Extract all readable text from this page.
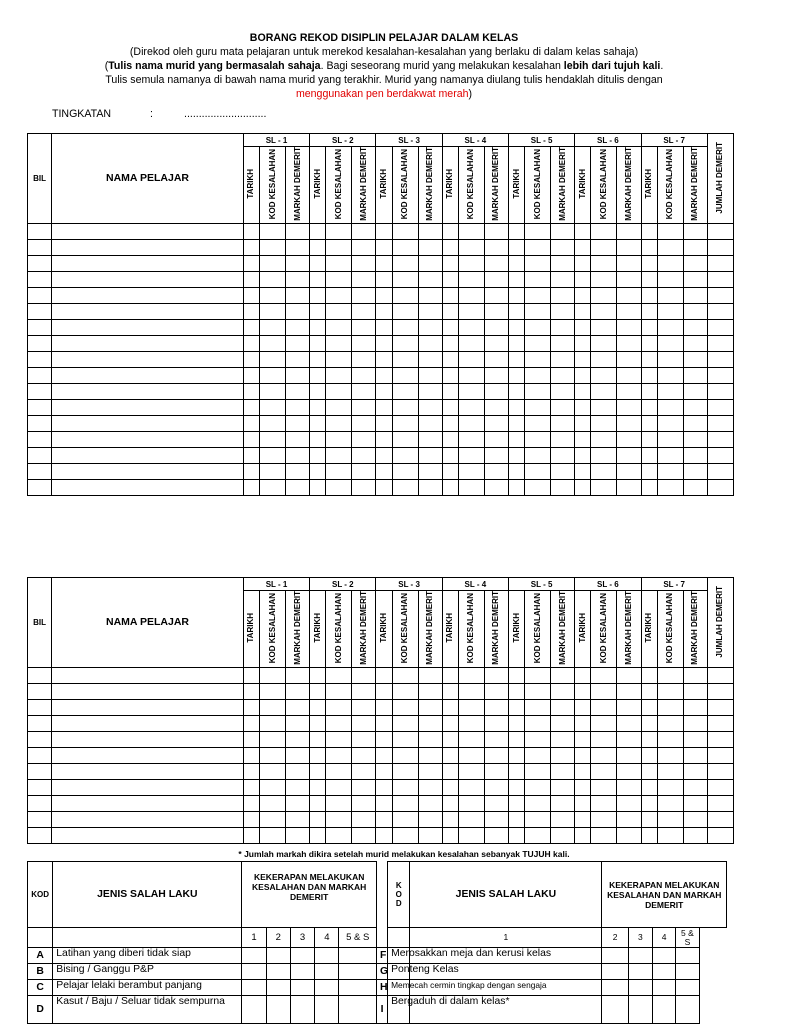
BORANG REKOD DISIPLIN PELAJAR DALAM KELAS
(Direkod oleh guru mata pelajaran untuk merekod kesalahan-kesalahan yang berlaku di dalam kelas sahaja)
(Tulis nama murid yang bermasalah sahaja. Bagi seseorang murid yang melakukan kesalahan lebih dari tujuh kali.
Tulis semula namanya di bawah nama murid yang terakhir. Murid yang namanya diulang tulis hendaklah ditulis dengan
menggunakan pen berdakwat merah)
TINGKATAN	:	............................
BIL	NAMA PELAJAR	SL - 1			SL - 2			SL - 3			SL - 4			SL - 5			SL - 6			SL - 7			JUMLAH DEMERIT
		TARIKH	KOD KESALAHAN	MARKAH DEMERIT	TARIKH	KOD KESALAHAN	MARKAH DEMERIT	TARIKH	KOD KESALAHAN	MARKAH DEMERIT	TARIKH	KOD KESALAHAN	MARKAH DEMERIT	TARIKH	KOD KESALAHAN	MARKAH DEMERIT	TARIKH	KOD KESALAHAN	MARKAH DEMERIT	TARIKH	KOD KESALAHAN	MARKAH DEMERIT	

BIL	NAMA PELAJAR	SL - 1			SL - 2			SL - 3			SL - 4			SL - 5			SL - 6			SL - 7			JUMLAH DEMERIT
		TARIKH	KOD KESALAHAN	MARKAH DEMERIT	TARIKH	KOD KESALAHAN	MARKAH DEMERIT	TARIKH	KOD KESALAHAN	MARKAH DEMERIT	TARIKH	KOD KESALAHAN	MARKAH DEMERIT	TARIKH	KOD KESALAHAN	MARKAH DEMERIT	TARIKH	KOD KESALAHAN	MARKAH DEMERIT	TARIKH	KOD KESALAHAN	MARKAH DEMERIT	

* Jumlah markah dikira setelah murid melakukan kesalahan sebanyak TUJUH kali.
KOD	JENIS SALAH LAKU	KEKERAPAN MELAKUKAN KESALAHAN DAN MARKAH DEMERIT						K O D	JENIS SALAH LAKU	KEKERAPAN MELAKUKAN KESALAHAN DAN MARKAH DEMERIT			
		1	2	3	4	5 & S			1	2	3	4	5 & S
A	Latihan yang diberi tidak siap						F	Merosakkan meja dan kerusi kelas					
B	Bising / Ganggu P&P						G	Ponteng Kelas					
C	Pelajar lelaki berambut panjang						H	Memecah cermin tingkap dengan sengaja					
D	Kasut / Baju / Seluar tidak sempurna						I	Bergaduh di dalam kelas*					
